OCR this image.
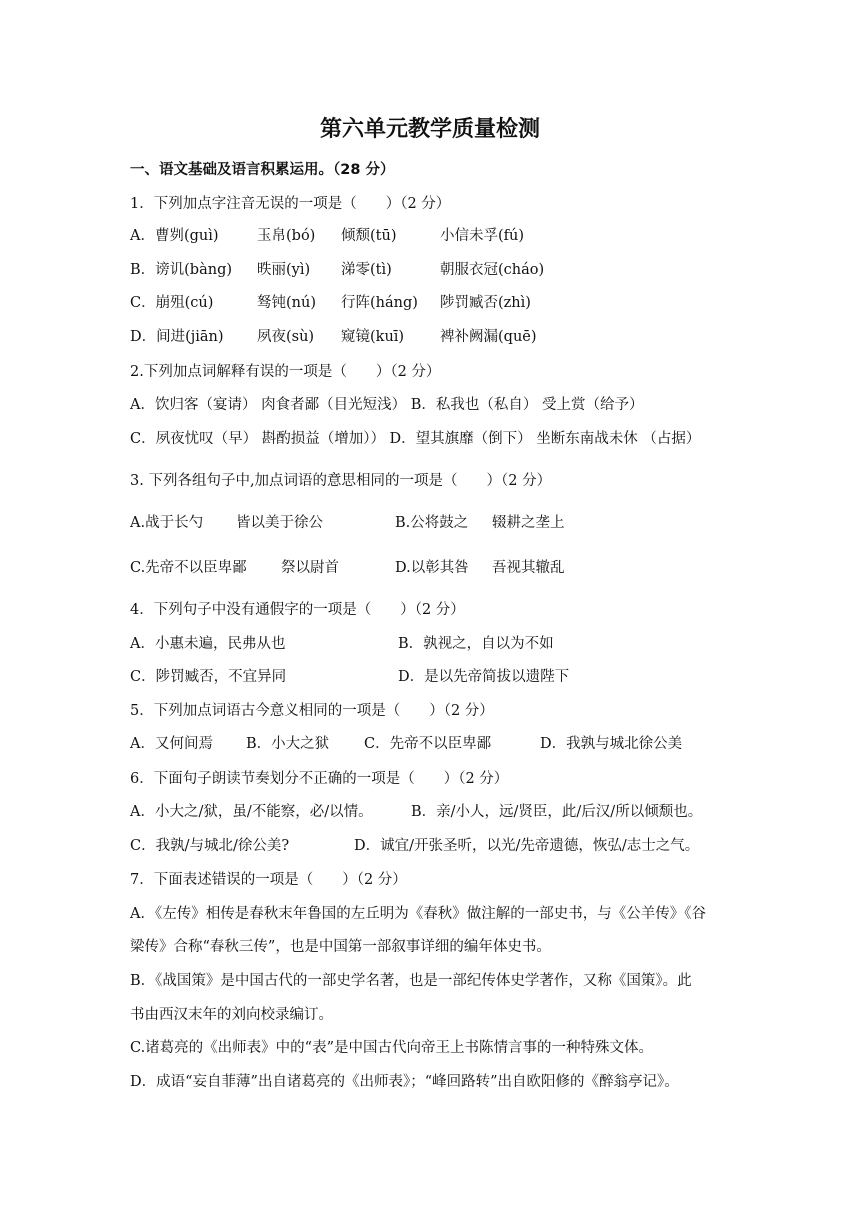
第六单元教学质量检测
一、语文基础及语言积累运用。（28 分）
1．下列加点字注音无误的一项是（　　）（2 分）
A．曹刿(guì)	玉帛(bó) 倾颓(tū)	小信未孚(fú)
B．谤讥(bàng) 昳丽(yì) 涕零(tì)	朝服衣冠(cháo)
C．崩殂(cú)	驽钝(nú) 行阵(háng) 陟罚臧否(zhì)
D．间进(jiān) 夙夜(sù) 窥镜(kuī) 裨补阙漏(quē)
2.下列加点词解释有误的一项是（　　）（2 分）
A．饮归客（宴请） 肉食者鄙（目光短浅） B．私我也（私自） 受上赏（给予）
C．夙夜忧叹（早） 斟酌损益（增加）） D．望其旗靡（倒下） 坐断东南战未休 （占据）
3. 下列各组句子中,加点词语的意思相同的一项是（　　）（2 分）
A.战于长勺 皆以美于徐公	B.公将鼓之 辍耕之垄上
C.先帝不以臣卑鄙 祭以尉首	D.以彰其咎 吾视其辙乱
4．下列句子中没有通假字的一项是（　　）（2 分）
A．小惠未遍，民弗从也	B．孰视之，自以为不如
C．陟罚臧否，不宜异同	D．是以先帝简拔以遗陛下
5．下列加点词语古今意义相同的一项是（　　）（2 分）
A．又何间焉 B．小大之狱 C．先帝不以臣卑鄙	D．我孰与城北徐公美
6．下面句子朗读节奏划分不正确的一项是（　　）（2 分）
A．小大之/狱，虽/不能察，必/以情。	B．亲/小人，远/贤臣，此/后汉/所以倾颓也。
C．我孰/与城北/徐公美?	D．诚宜/开张圣听，以光/先帝遗德，恢弘/志士之气。
7．下面表述错误的一项是（　　）（2 分）
A．《左传》相传是春秋末年鲁国的左丘明为《春秋》做注解的一部史书，与《公羊传》《谷
梁传》合称“春秋三传”，也是中国第一部叙事详细的编年体史书。
B．《战国策》是中国古代的一部史学名著，也是一部纪传体史学著作，又称《国策》。此
书由西汉末年的刘向校录编订。
C.诸葛亮的《出师表》中的“表”是中国古代向帝王上书陈情言事的一种特殊文体。
D．成语“妄自菲薄”出自诸葛亮的《出师表》；“峰回路转”出自欧阳修的《醉翁亭记》。
